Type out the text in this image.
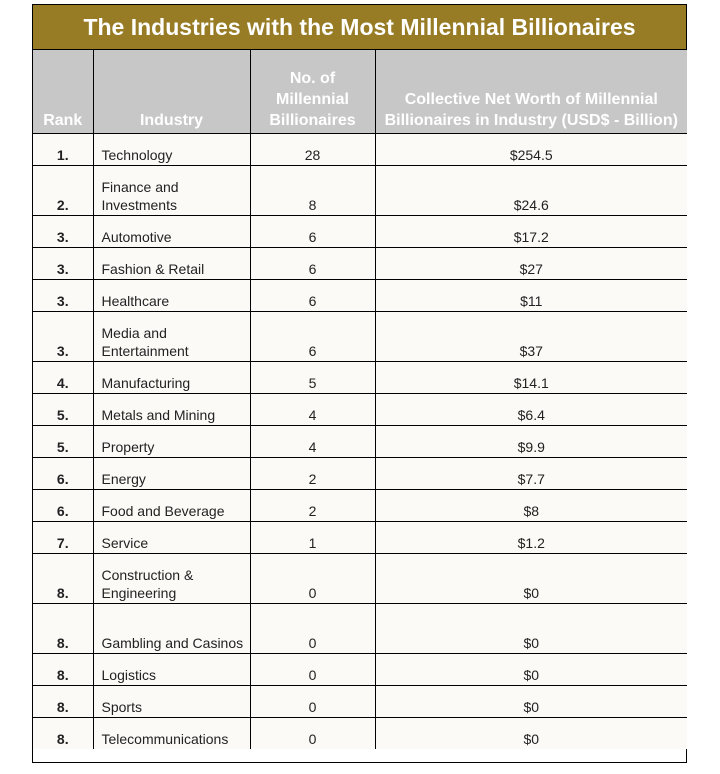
The Industries with the Most Millennial Billionaires
Rank	Industry	No. of Millennial Billionaires	Collective Net Worth of Millennial Billionaires in Industry (USD$ - Billion)
1.	Technology	28	$254.5
2.	Finance and Investments	8	$24.6
3.	Automotive	6	$17.2
3.	Fashion & Retail	6	$27
3.	Healthcare	6	$11
3.	Media and Entertainment	6	$37
4.	Manufacturing	5	$14.1
5.	Metals and Mining	4	$6.4
5.	Property	4	$9.9
6.	Energy	2	$7.7
6.	Food and Beverage	2	$8
7.	Service	1	$1.2
8.	Construction & Engineering	0	$0
8.	Gambling and Casinos	0	$0
8.	Logistics	0	$0
8.	Sports	0	$0
8.	Telecommunications	0	$0
